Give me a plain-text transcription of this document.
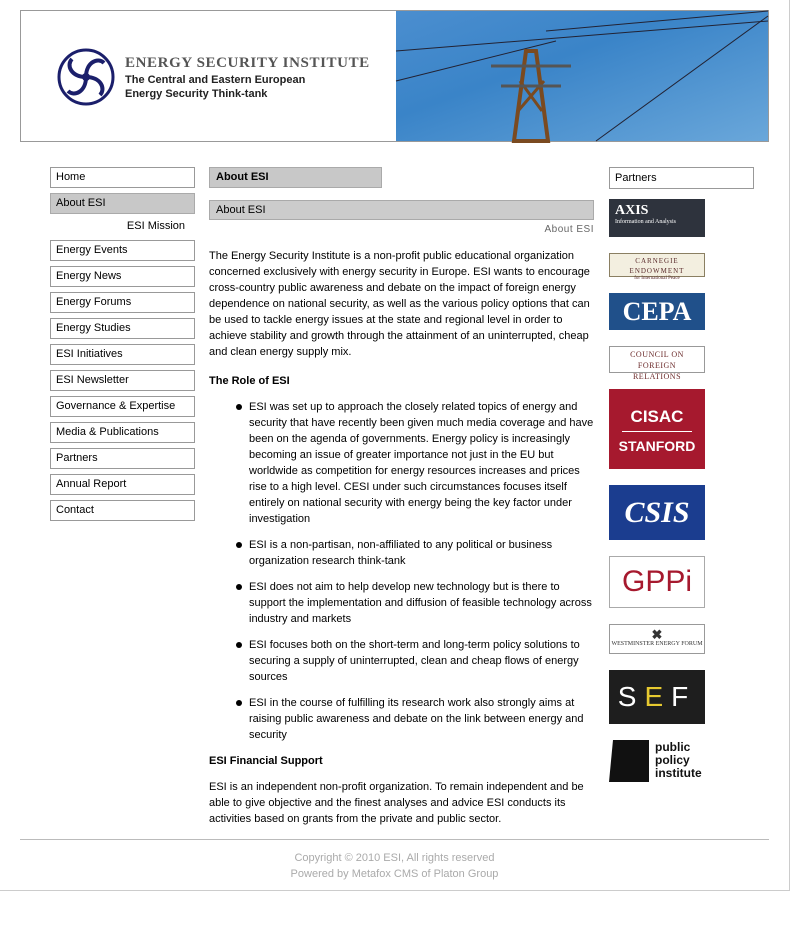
ENERGY SECURITY INSTITUTE
The Central and Eastern European
Energy Security Think-tank
Home
About ESI
ESI Mission
Energy Events
Energy News
Energy Forums
Energy Studies
ESI Initiatives
ESI Newsletter
Governance & Expertise
Media & Publications
Partners
Annual Report
Contact
About ESI
About ESI
About ESI

The Energy Security Institute is a non-profit public educational organization concerned exclusively with energy security in Europe. ESI wants to encourage cross-country public awareness and debate on the impact of foreign energy dependence on national security, as well as the various policy options that can be used to tackle energy issues at the state and regional level in order to achieve stability and growth through the attainment of an uninterrupted, cheap and clean energy supply mix.

The Role of ESI
ESI was set up to approach the closely related topics of energy and security that have recently been given much media coverage and have been on the agenda of governments. Energy policy is increasingly becoming an issue of greater importance not just in the EU but worldwide as competition for energy resources increases and prices rise to a high level. CESI under such circumstances focuses itself entirely on national security with energy being the key factor under investigation
ESI is a non-partisan, non-affiliated to any political or business organization research think-tank
ESI does not aim to help develop new technology but is there to support the implementation and diffusion of feasible technology across industry and markets
ESI focuses both on the short-term and long-term policy solutions to securing a supply of uninterrupted, clean and cheap flows of energy sources
ESI in the course of fulfilling its research work also strongly aims at raising public awareness and debate on the link between energy and security
ESI Financial Support
ESI is an independent non-profit organization. To remain independent and be able to give objective and the finest analyses and advice ESI conducts its activities based on grants from the private and public sector.
Partners
AXIS
Information and Analysis
CARNEGIE
ENDOWMENT
for International Peace
CEPA
COUNCIL ON FOREIGN
RELATIONS
CISAC
STANFORD
CSIS
GPPi
✖
WESTMINSTER ENERGY FORUM
SEF
public
policy
institute
Copyright © 2010 ESI, All rights reserved
Powered by Metafox CMS of Platon Group
